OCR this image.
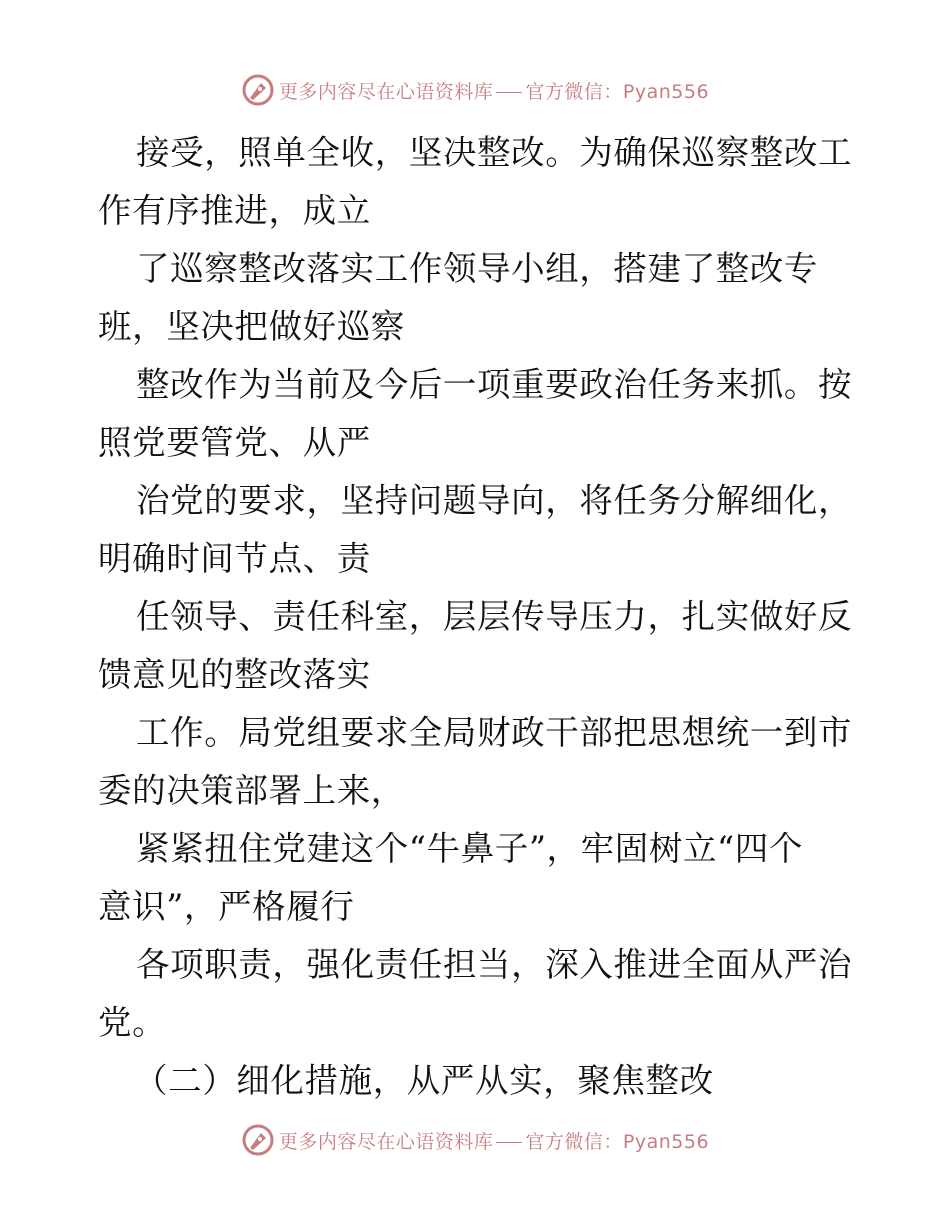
更多内容尽在心语资料库 官方微信：Pyan556
接受，照单全收，坚决整改。为确保巡察整改工
作有序推进，成立
了巡察整改落实工作领导小组，搭建了整改专
班，坚决把做好巡察
整改作为当前及今后一项重要政治任务来抓。按
照党要管党、从严
治党的要求，坚持问题导向，将任务分解细化，
明确时间节点、责
任领导、责任科室，层层传导压力，扎实做好反
馈意见的整改落实
工作。局党组要求全局财政干部把思想统一到市
委的决策部署上来，
紧紧扭住党建这个“牛鼻子”，牢固树立“四个
意识”，严格履行
各项职责，强化责任担当，深入推进全面从严治
党。
（二）细化措施，从严从实，聚焦整改
更多内容尽在心语资料库 官方微信：Pyan556
